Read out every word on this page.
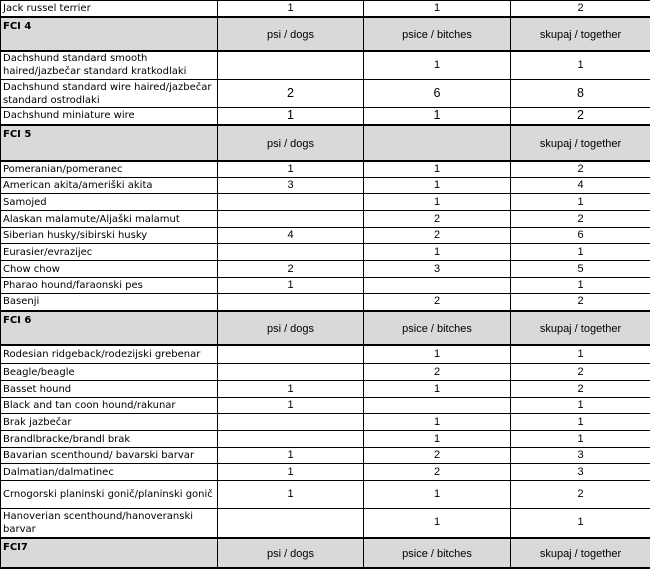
Jack russel terrier	1	1	2
FCI 4	psi / dogs	psice / bitches	skupaj / together
Dachshund standard smooth haired/jazbečar standard kratkodlaki		1	1
Dachshund standard wire haired/jazbečar standard ostrodlaki	2	6	8
Dachshund miniature wire	1	1	2
FCI 5	psi / dogs		skupaj / together
Pomeranian/pomeranec	1	1	2
American akita/ameriški akita	3	1	4
Samojed		1	1
Alaskan malamute/Aljaški malamut		2	2
Siberian husky/sibirski husky	4	2	6
Eurasier/evrazijec		1	1
Chow chow	2	3	5
Pharao hound/faraonski pes	1		1
Basenji		2	2
FCI 6	psi / dogs	psice / bitches	skupaj / together
Rodesian ridgeback/rodezijski grebenar		1	1
Beagle/beagle		2	2
Basset hound	1	1	2
Black and tan coon hound/rakunar	1		1
Brak jazbečar		1	1
Brandlbracke/brandl brak		1	1
Bavarian scenthound/ bavarski barvar	1	2	3
Dalmatian/dalmatinec	1	2	3
Crnogorski planinski gonič/planinski gonič	1	1	2
Hanoverian scenthound/hanoveranski barvar		1	1
FCI7	psi / dogs	psice / bitches	skupaj / together
